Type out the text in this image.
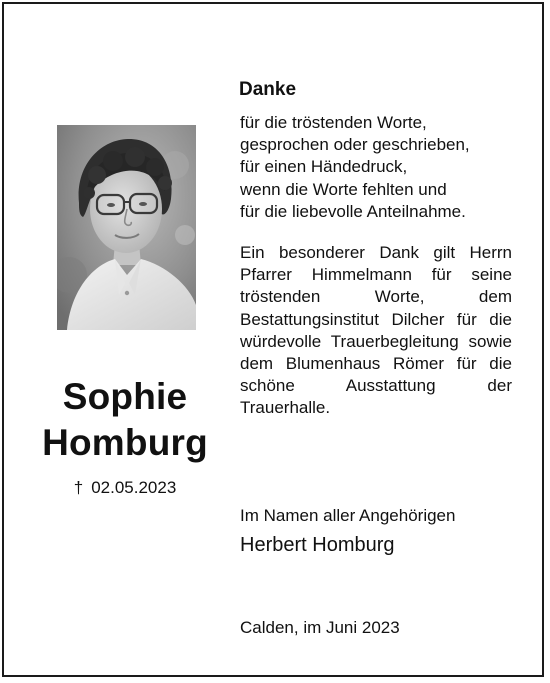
Sophie
Homburg
† 02.05.2023
Danke
für die tröstenden Worte,
gesprochen oder geschrieben,
für einen Händedruck,
wenn die Worte fehlten und
für die liebevolle Anteilnahme.
Ein besonderer Dank gilt Herrn Pfarrer Himmelmann für seine tröstenden Worte, dem Bestattungsinstitut Dilcher für die würdevolle Trauerbegleitung sowie dem Blumenhaus Römer für die schöne Ausstattung der Trauerhalle.
Im Namen aller Angehörigen
Herbert Homburg
Calden, im Juni 2023
